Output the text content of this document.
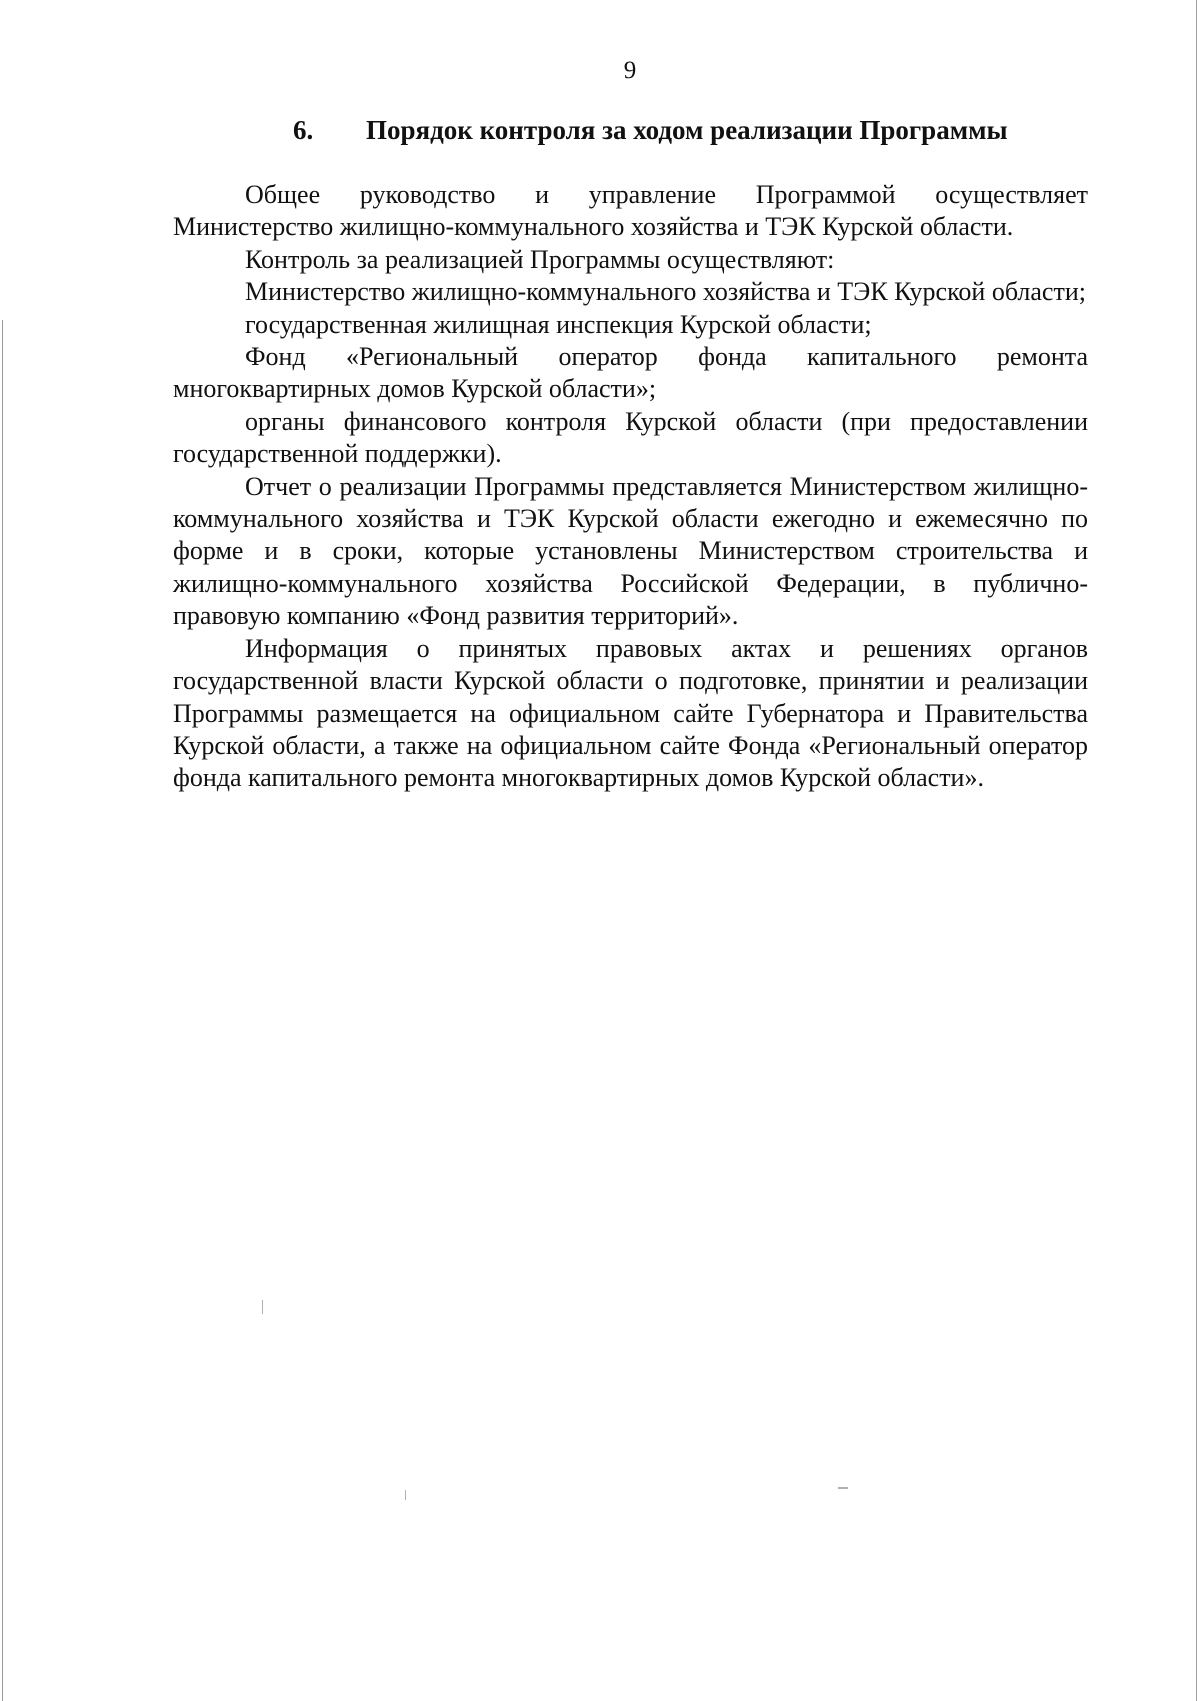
9
6. Порядок контроля за ходом реализации Программы

Общее руководство и управление Программой осуществляет Министерство жилищно-коммунального хозяйства и ТЭК Курской области.

Контроль за реализацией Программы осуществляют:

Министерство жилищно-коммунального хозяйства и ТЭК Курской области;

государственная жилищная инспекция Курской области;

Фонд «Региональный оператор фонда капитального ремонта многоквартирных домов Курской области»;

органы финансового контроля Курской области (при предоставлении государственной поддержки).

Отчет о реализации Программы представляется Министерством жилищно-коммунального хозяйства и ТЭК Курской области ежегодно и ежемесячно по форме и в сроки, которые установлены Министерством строительства и жилищно-коммунального хозяйства Российской Федерации, в публично-правовую компанию «Фонд развития территорий».

Информация о принятых правовых актах и решениях органов государственной власти Курской области о подготовке, принятии и реализации Программы размещается на официальном сайте Губернатора и Правительства Курской области, а также на официальном сайте Фонда «Региональный оператор фонда капитального ремонта многоквартирных домов Курской области».
